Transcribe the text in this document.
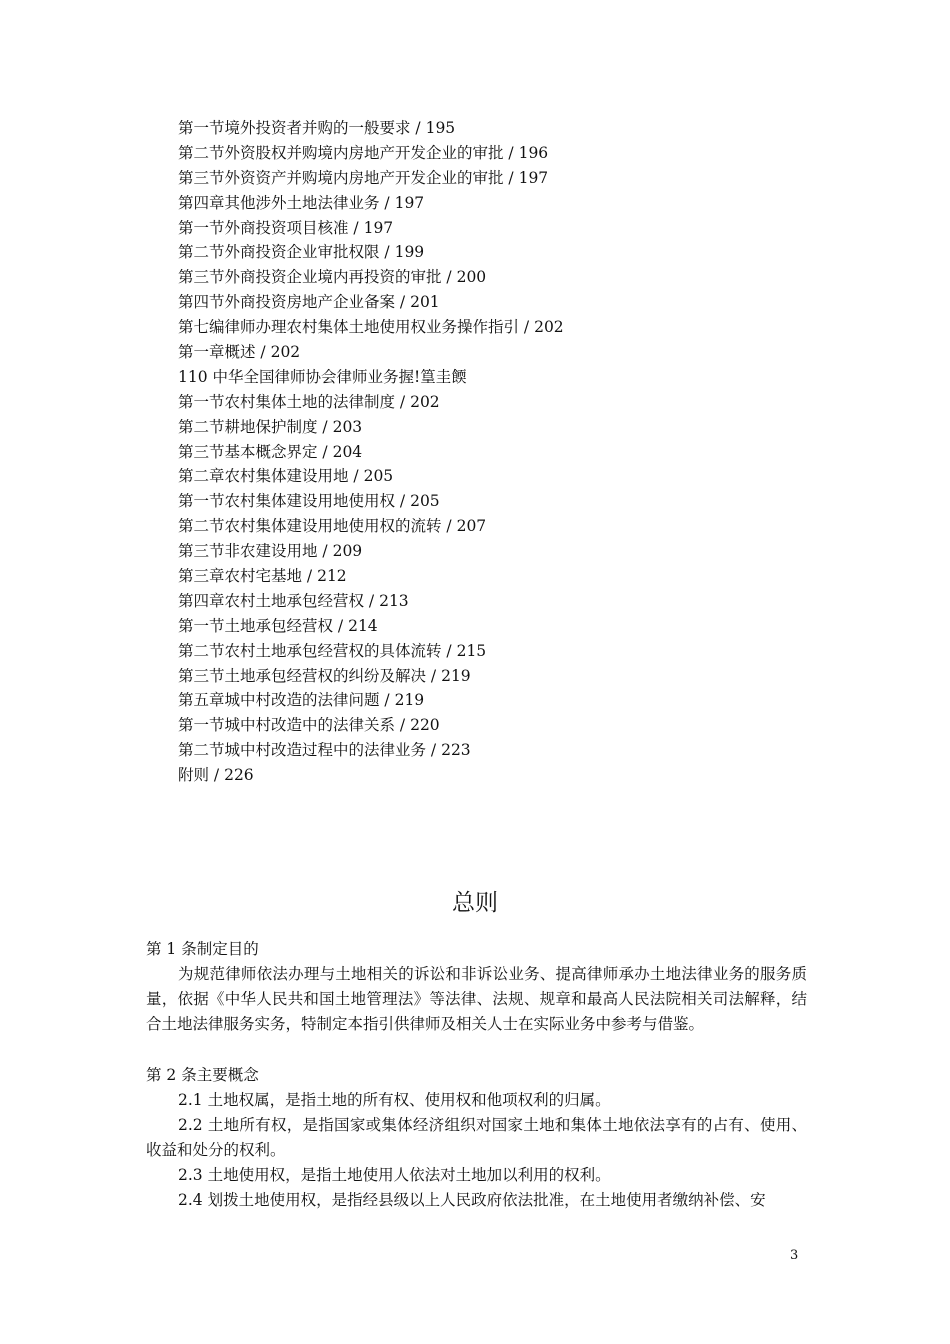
第一节境外投资者并购的一般要求 / 195
第二节外资股权并购境内房地产开发企业的审批 / 196
第三节外资资产并购境内房地产开发企业的审批 / 197
第四章其他涉外土地法律业务 / 197
第一节外商投资项目核准 / 197
第二节外商投资企业审批权限 / 199
第三节外商投资企业境内再投资的审批 / 200
第四节外商投资房地产企业备案 / 201
第七编律师办理农村集体土地使用权业务操作指引 / 202
第一章概述 / 202
110 中华全国律师协会律师业务握!篁圭餪
第一节农村集体土地的法律制度 / 202
第二节耕地保护制度 / 203
第三节基本概念界定 / 204
第二章农村集体建设用地 / 205
第一节农村集体建设用地使用权 / 205
第二节农村集体建设用地使用权的流转 / 207
第三节非农建设用地 / 209
第三章农村宅基地 / 212
第四章农村土地承包经营权 / 213
第一节土地承包经营权 / 214
第二节农村土地承包经营权的具体流转 / 215
第三节土地承包经营权的纠纷及解决 / 219
第五章城中村改造的法律问题 / 219
第一节城中村改造中的法律关系 / 220
第二节城中村改造过程中的法律业务 / 223
附则 / 226
总则
第 1 条制定目的

为规范律师依法办理与土地相关的诉讼和非诉讼业务、提高律师承办土地法律业务的服务质量，依据《中华人民共和国土地管理法》等法律、法规、规章和最高人民法院相关司法解释，结合土地法律服务实务，特制定本指引供律师及相关人士在实际业务中参考与借鉴。

第 2 条主要概念

2.1 土地权属，是指土地的所有权、使用权和他项权利的归属。

2.2 土地所有权，是指国家或集体经济组织对国家土地和集体土地依法享有的占有、使用、收益和处分的权利。

2.3 土地使用权，是指土地使用人依法对土地加以利用的权利。

2.4 划拨土地使用权，是指经县级以上人民政府依法批准，在土地使用者缴纳补偿、安

3
